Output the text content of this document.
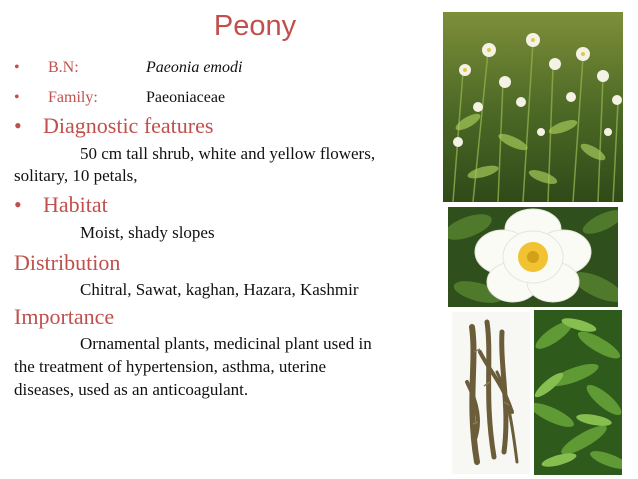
Peony
• B.N:	Paeonia emodi
• Family:	Paeoniaceae
• Diagnostic features
50 cm tall shrub, white and yellow flowers,
solitary, 10 petals,
• Habitat
Moist, shady slopes
Distribution
Chitral, Sawat, kaghan, Hazara, Kashmir
Importance
Ornamental plants, medicinal plant used in
the treatment of hypertension, asthma, uterine
diseases, used as an anticoagulant.
